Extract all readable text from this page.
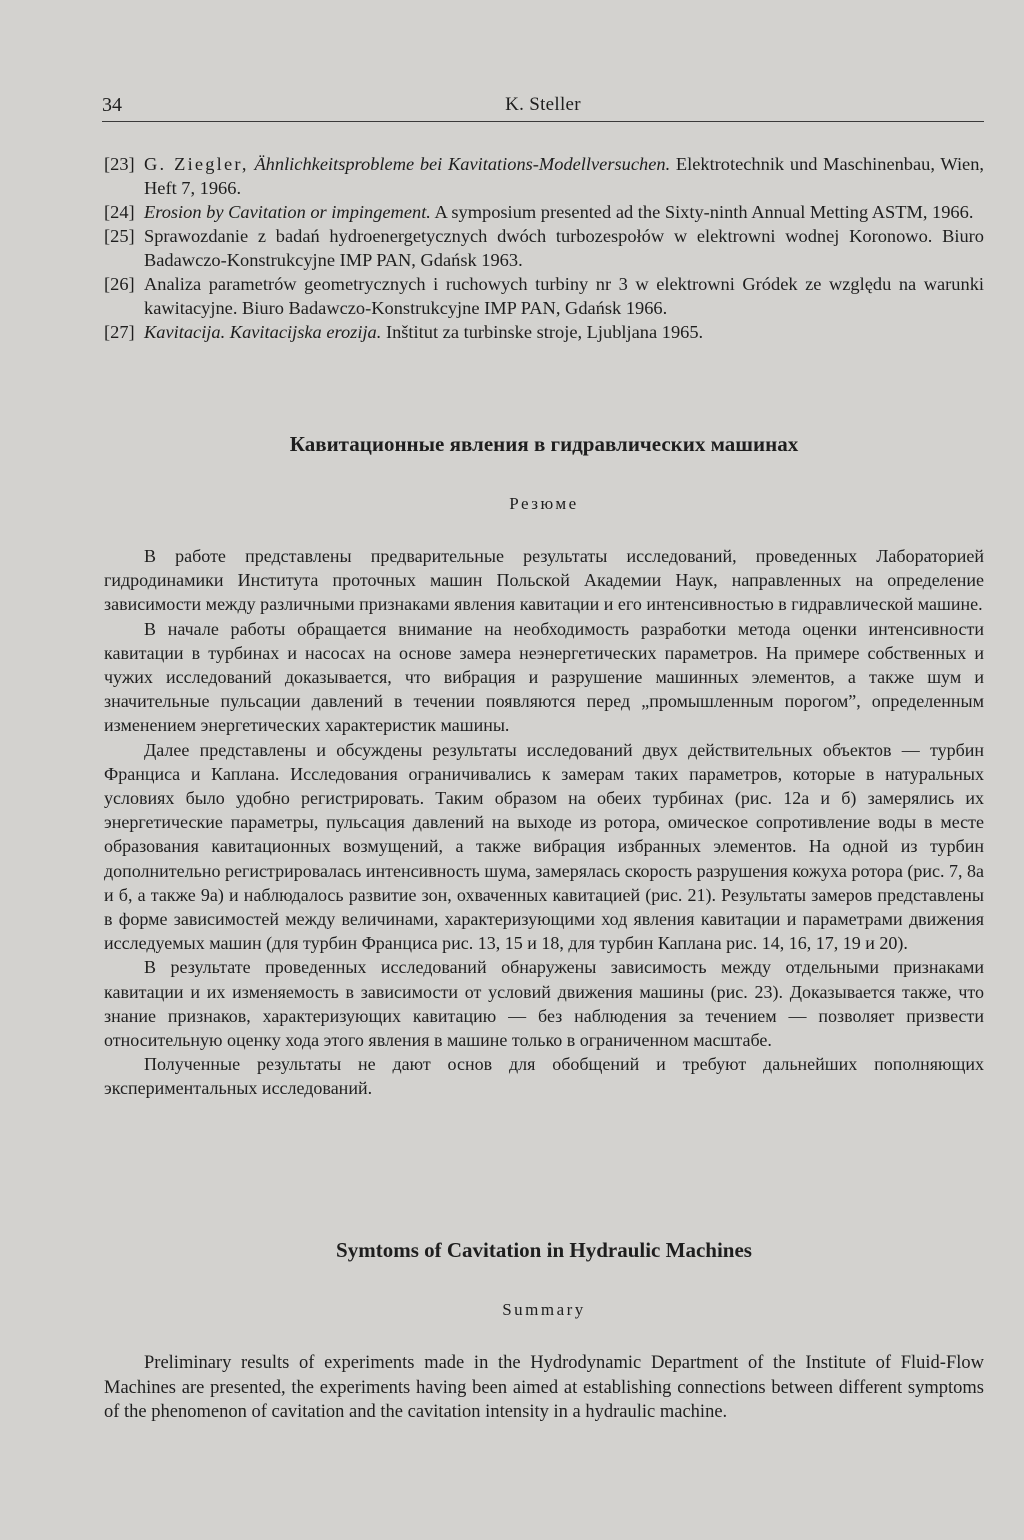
34	K. Steller
[23] G. Ziegler, Ähnlichkeitsprobleme bei Kavitations-Modellversuchen. Elektrotechnik und Maschinenbau, Wien, Heft 7, 1966.
[24] Erosion by Cavitation or impingement. A symposium presented ad the Sixty-ninth Annual Metting ASTM, 1966.
[25] Sprawozdanie z badań hydroenergetycznych dwóch turbozespołów w elektrowni wodnej Koronowo. Biuro Badawczo-Konstrukcyjne IMP PAN, Gdańsk 1963.
[26] Analiza parametrów geometrycznych i ruchowych turbiny nr 3 w elektrowni Gródek ze względu na warunki kawitacyjne. Biuro Badawczo-Konstrukcyjne IMP PAN, Gdańsk 1966.
[27] Kavitacija. Kavitacijska erozija. Inštitut za turbinske stroje, Ljubljana 1965.
Кавитационные явления в гидравлических машинах
Резюме

В работе представлены предварительные результаты исследований, проведенных Лабораторией гидродинамики Института проточных машин Польской Академии Наук, направленных на определение зависимости между различными признаками явления кавитации и его интенсивностью в гидравлической машине.

В начале работы обращается внимание на необходимость разработки метода оценки интенсивности кавитации в турбинах и насосах на основе замера неэнергетических параметров. На примере собственных и чужих исследований доказывается, что вибрация и разрушение машинных элементов, а также шум и значительные пульсации давлений в течении появляются перед „промышленным порогом”, определенным изменением энергетических характеристик машины.

Далее представлены и обсуждены результаты исследований двух действительных объектов — турбин Францисa и Каплана. Исследования ограничивались к замерам таких параметров, которые в натуральных условиях было удобно регистрировать. Таким образом на обеих турбинах (рис. 12а и б) замерялись их энергетические параметры, пульсация давлений на выходе из ротора, омическое сопротивление воды в месте образования кавитационных возмущений, а также вибрация избранных элементов. На одной из турбин дополнительно регистрировалась интенсивность шума, замерялась скорость разрушения кожуха ротора (рис. 7, 8а и б, а также 9а) и наблюдалось развитие зон, охваченных кавитацией (рис. 21). Результаты замеров представлены в форме зависимостей между величинами, характеризующими ход явления кавитации и параметрами движения исследуемых машин (для турбин Францисa рис. 13, 15 и 18, для турбин Каплана рис. 14, 16, 17, 19 и 20).

В результате проведенных исследований обнаружены зависимость между отдельными признаками кавитации и их изменяемость в зависимости от условий движения машины (рис. 23). Доказывается также, что знание признаков, характеризующих кавитацию — без наблюдения за течением — позволяет призвести относительную оценку хода этого явления в машине только в ограниченном масштабе.

Полученные результаты не дают основ для обобщений и требуют дальнейших пополняющих экспериментальных исследований.

Symtoms of Cavitation in Hydraulic Machines
Summary

Preliminary results of experiments made in the Hydrodynamic Department of the Institute of Fluid-Flow Machines are presented, the experiments having been aimed at establishing connections between different symptoms of the phenomenon of cavitation and the cavitation intensity in a hydraulic machine.
